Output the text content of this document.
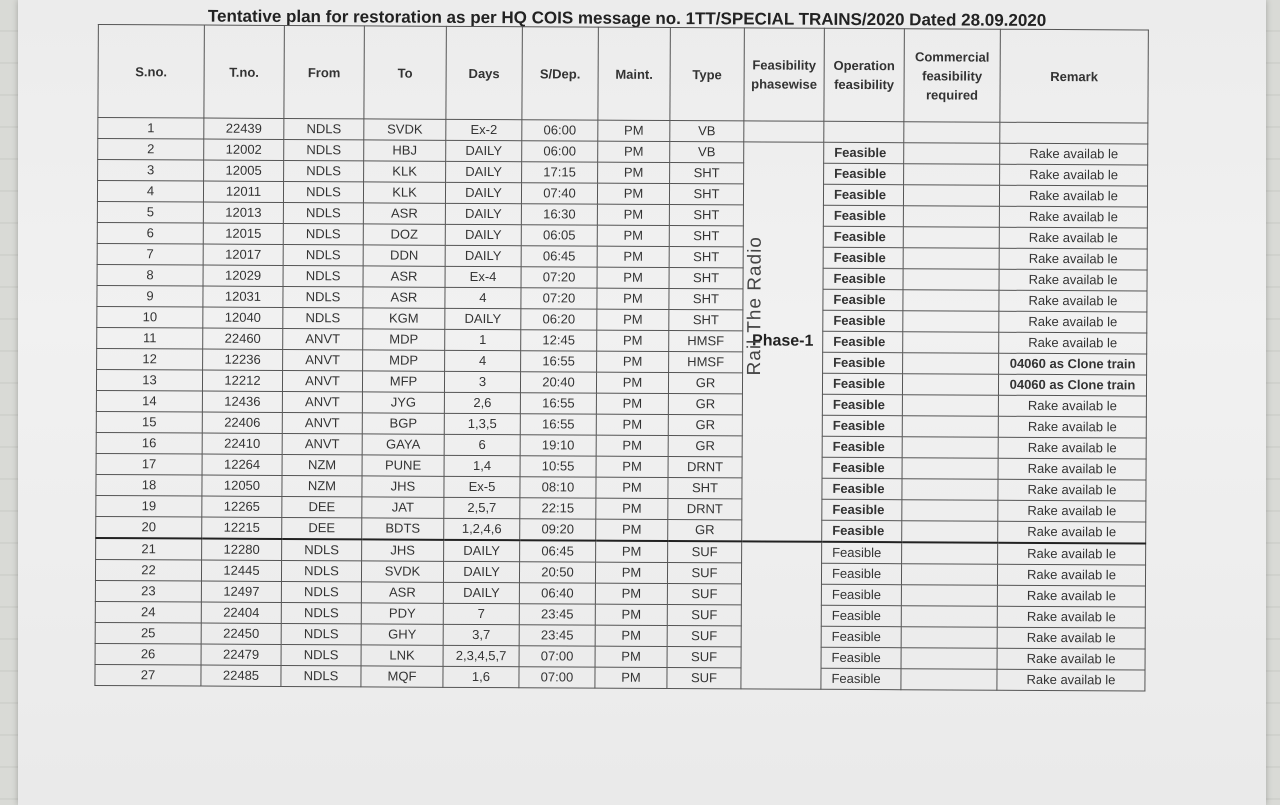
Tentative plan for restoration as per HQ COIS message no. 1TT/SPECIAL TRAINS/2020 Dated 28.09.2020
S.no.	T.no.	From	To	Days	S/Dep.	Maint.	Type	Feasibility phasewise	Operation feasibility	Commercial feasibility required	Remark
1	22439	NDLS	SVDK	Ex-2	06:00	PM	VB				
2	12002	NDLS	HBJ	DAILY	06:00	PM	VB	Phase-1	Feasible		Rake availab le
3	12005	NDLS	KLK	DAILY	17:15	PM	SHT		Feasible		Rake availab le
4	12011	NDLS	KLK	DAILY	07:40	PM	SHT		Feasible		Rake availab le
5	12013	NDLS	ASR	DAILY	16:30	PM	SHT		Feasible		Rake availab le
6	12015	NDLS	DOZ	DAILY	06:05	PM	SHT		Feasible		Rake availab le
7	12017	NDLS	DDN	DAILY	06:45	PM	SHT		Feasible		Rake availab le
8	12029	NDLS	ASR	Ex-4	07:20	PM	SHT		Feasible		Rake availab le
9	12031	NDLS	ASR	4	07:20	PM	SHT		Feasible		Rake availab le
10	12040	NDLS	KGM	DAILY	06:20	PM	SHT		Feasible		Rake availab le
11	22460	ANVT	MDP	1	12:45	PM	HMSF		Feasible		Rake availab le
12	12236	ANVT	MDP	4	16:55	PM	HMSF		Feasible		04060 as Clone train
13	12212	ANVT	MFP	3	20:40	PM	GR		Feasible		04060 as Clone train
14	12436	ANVT	JYG	2,6	16:55	PM	GR		Feasible		Rake availab le
15	22406	ANVT	BGP	1,3,5	16:55	PM	GR		Feasible		Rake availab le
16	22410	ANVT	GAYA	6	19:10	PM	GR		Feasible		Rake availab le
17	12264	NZM	PUNE	1,4	10:55	PM	DRNT		Feasible		Rake availab le
18	12050	NZM	JHS	Ex-5	08:10	PM	SHT		Feasible		Rake availab le
19	12265	DEE	JAT	2,5,7	22:15	PM	DRNT		Feasible		Rake availab le
20	12215	DEE	BDTS	1,2,4,6	09:20	PM	GR		Feasible		Rake availab le
21	12280	NDLS	JHS	DAILY	06:45	PM	SUF		Feasible		Rake availab le
22	12445	NDLS	SVDK	DAILY	20:50	PM	SUF		Feasible		Rake availab le
23	12497	NDLS	ASR	DAILY	06:40	PM	SUF		Feasible		Rake availab le
24	22404	NDLS	PDY	7	23:45	PM	SUF		Feasible		Rake availab le
25	22450	NDLS	GHY	3,7	23:45	PM	SUF		Feasible		Rake availab le
26	22479	NDLS	LNK	2,3,4,5,7	07:00	PM	SUF		Feasible		Rake availab le
27	22485	NDLS	MQF	1,6	07:00	PM	SUF		Feasible		Rake availab le
Rail The Radio
